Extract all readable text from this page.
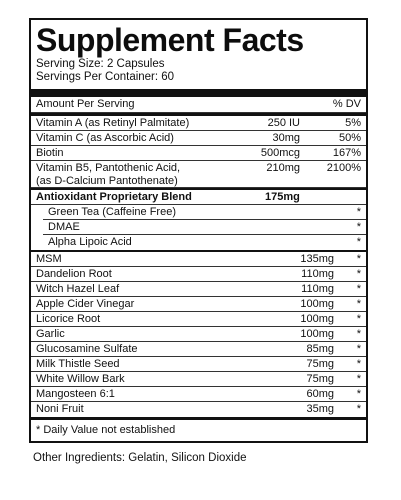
Supplement Facts
Serving Size: 2 Capsules
Servings Per Container: 60
Amount Per Serving	% DV
Vitamin A (as Retinyl Palmitate)	250 IU	5%
Vitamin C (as Ascorbic Acid)	30mg	50%
Biotin	500mcg	167%
Vitamin B5, Pantothenic Acid,
(as D-Calcium Pantothenate)
210mg 2100%
Antioxidant Proprietary Blend	175mg
Green Tea (Caffeine Free)	*
DMAE	*
Alpha Lipoic Acid	*
MSM	135mg *
Dandelion Root	110mg *
Witch Hazel Leaf	110mg *
Apple Cider Vinegar	100mg *
Licorice Root	100mg *
Garlic	100mg *
Glucosamine Sulfate	85mg *
Milk Thistle Seed	75mg *
White Willow Bark	75mg *
Mangosteen 6:1	60mg *
Noni Fruit	35mg *
* Daily Value not established
Other Ingredients: Gelatin, Silicon Dioxide
